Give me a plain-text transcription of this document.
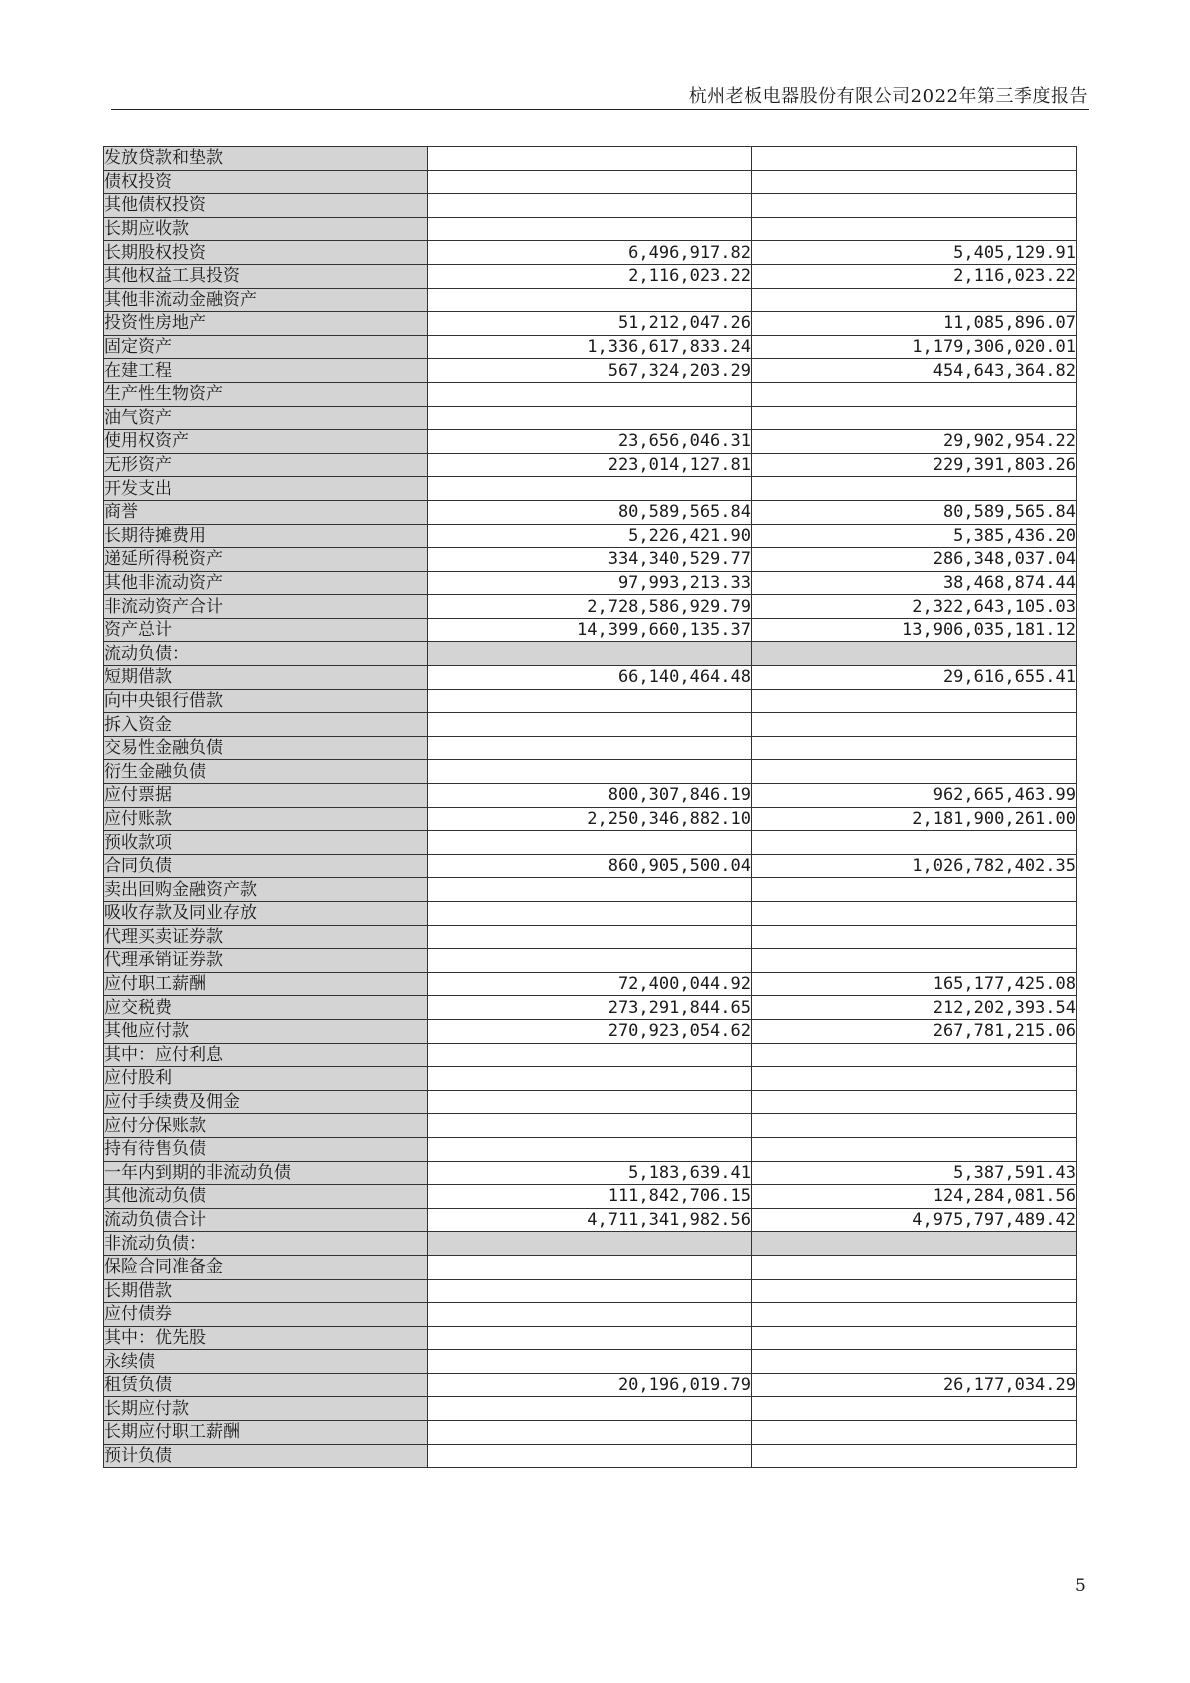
杭州老板电器股份有限公司2022年第三季度报告
发放贷款和垫款		
债权投资		
其他债权投资		
长期应收款		
长期股权投资	6,496,917.82	5,405,129.91
其他权益工具投资	2,116,023.22	2,116,023.22
其他非流动金融资产		
投资性房地产	51,212,047.26	11,085,896.07
固定资产	1,336,617,833.24	1,179,306,020.01
在建工程	567,324,203.29	454,643,364.82
生产性生物资产		
油气资产		
使用权资产	23,656,046.31	29,902,954.22
无形资产	223,014,127.81	229,391,803.26
开发支出		
商誉	80,589,565.84	80,589,565.84
长期待摊费用	5,226,421.90	5,385,436.20
递延所得税资产	334,340,529.77	286,348,037.04
其他非流动资产	97,993,213.33	38,468,874.44
非流动资产合计	2,728,586,929.79	2,322,643,105.03
资产总计	14,399,660,135.37	13,906,035,181.12
流动负债：		
短期借款	66,140,464.48	29,616,655.41
向中央银行借款		
拆入资金		
交易性金融负债		
衍生金融负债		
应付票据	800,307,846.19	962,665,463.99
应付账款	2,250,346,882.10	2,181,900,261.00
预收款项		
合同负债	860,905,500.04	1,026,782,402.35
卖出回购金融资产款		
吸收存款及同业存放		
代理买卖证券款		
代理承销证券款		
应付职工薪酬	72,400,044.92	165,177,425.08
应交税费	273,291,844.65	212,202,393.54
其他应付款	270,923,054.62	267,781,215.06
其中：应付利息		
应付股利		
应付手续费及佣金		
应付分保账款		
持有待售负债		
一年内到期的非流动负债	5,183,639.41	5,387,591.43
其他流动负债	111,842,706.15	124,284,081.56
流动负债合计	4,711,341,982.56	4,975,797,489.42
非流动负债：		
保险合同准备金		
长期借款		
应付债券		
其中：优先股		
永续债		
租赁负债	20,196,019.79	26,177,034.29
长期应付款		
长期应付职工薪酬		
预计负债		
5
